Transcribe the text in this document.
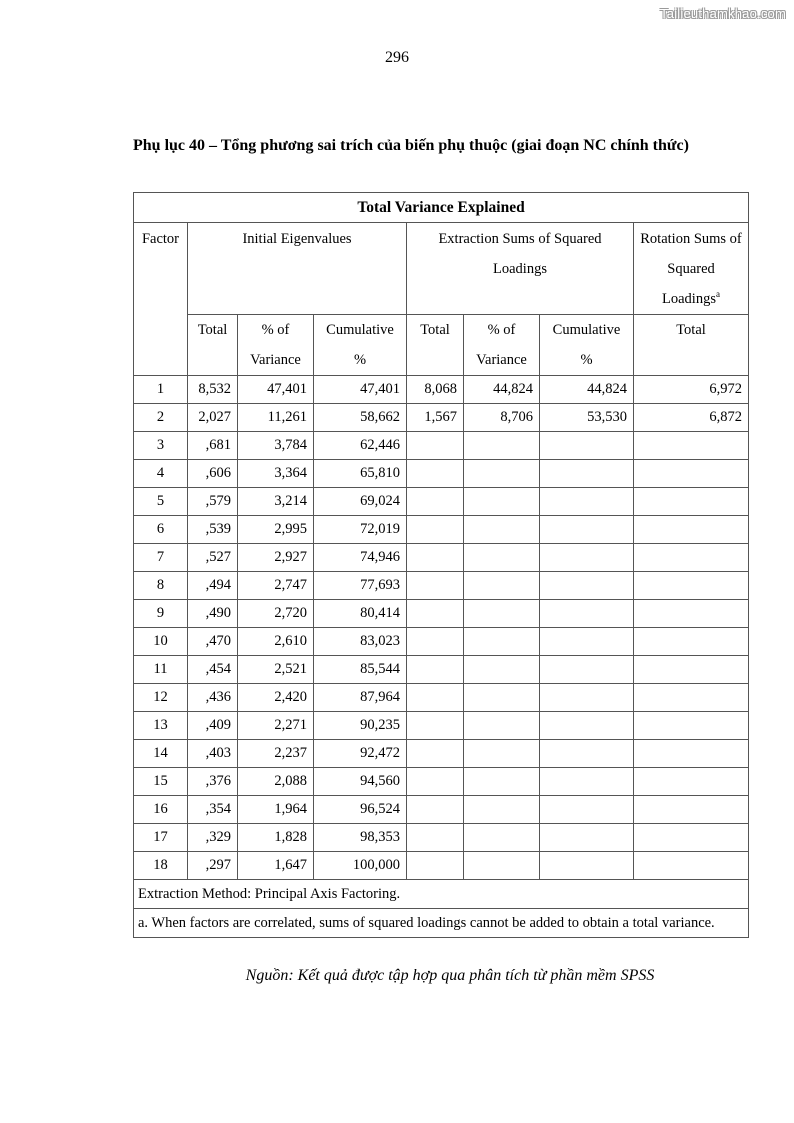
Tailieuthamkhao.com
296
Phụ lục 40 – Tổng phương sai trích của biến phụ thuộc (giai đoạn NC chính thức)
Total Variance Explained							
Factor	Initial Eigenvalues			Extraction Sums of Squared Loadings			Rotation Sums of Squared Loadings$^a$
	Total	% of Variance	Cumulative %	Total	% of Variance	Cumulative %	Total
1	8,532	47,401	47,401	8,068	44,824	44,824	6,972
2	2,027	11,261	58,662	1,567	8,706	53,530	6,872
3	,681	3,784	62,446				
4	,606	3,364	65,810				
5	,579	3,214	69,024				
6	,539	2,995	72,019				
7	,527	2,927	74,946				
8	,494	2,747	77,693				
9	,490	2,720	80,414				
10	,470	2,610	83,023				
11	,454	2,521	85,544				
12	,436	2,420	87,964				
13	,409	2,271	90,235				
14	,403	2,237	92,472				
15	,376	2,088	94,560				
16	,354	1,964	96,524				
17	,329	1,828	98,353				
18	,297	1,647	100,000				
Extraction Method: Principal Axis Factoring.							
a. When factors are correlated, sums of squared loadings cannot be added to obtain a total variance.							
Nguồn: Kết quả được tập hợp qua phân tích từ phần mềm SPSS
